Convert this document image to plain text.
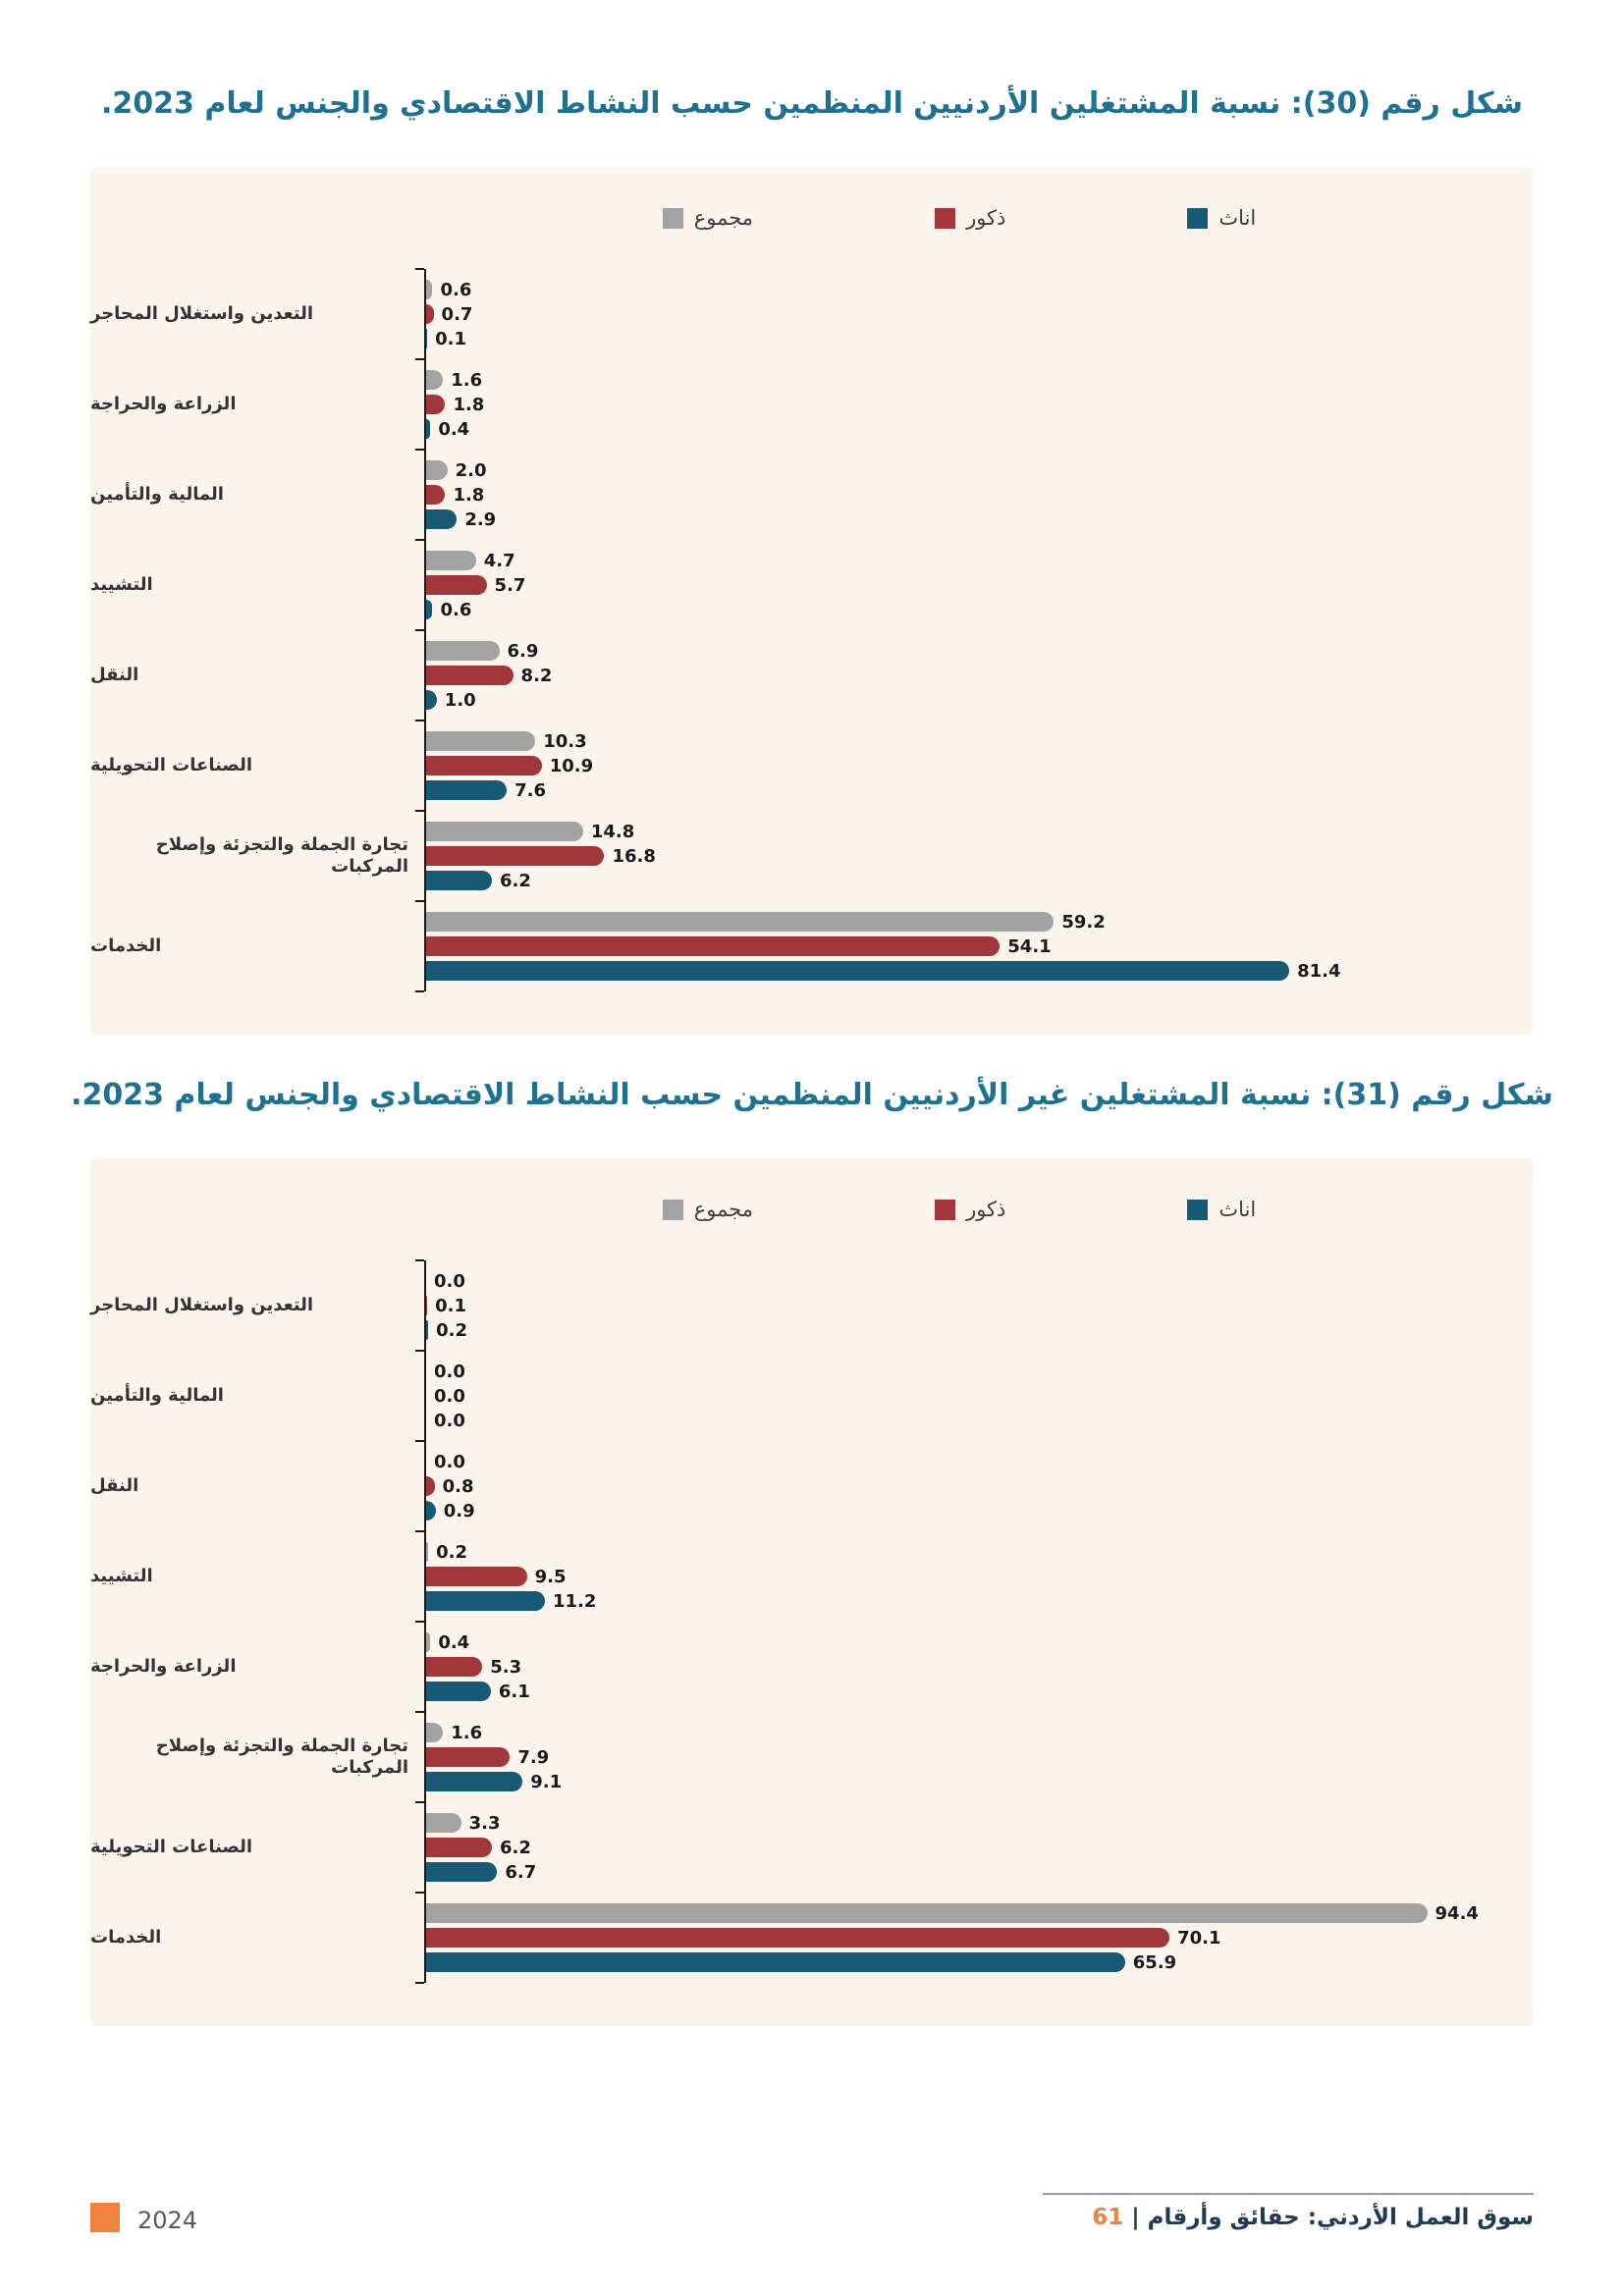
شكل رقم (30): نسبة المشتغلين الأردنيين المنظمين حسب النشاط الاقتصادي والجنس لعام 2023.
مجموع	ذكور	اناث
التعدين واستغلال المحاجر
0.6
0.7
0.1
الزراعة والحراجة
1.6
1.8
0.4
المالية والتأمين
2.0
1.8
2.9
التشييد
4.7
5.7
0.6
النقل
6.9
8.2
1.0
الصناعات التحويلية
10.3
10.9
7.6
تجارة الجملة والتجزئة وإصلاح المركبات
14.8
16.8
6.2
الخدمات
59.2
54.1
81.4
شكل رقم (31): نسبة المشتغلين غير الأردنيين المنظمين حسب النشاط الاقتصادي والجنس لعام 2023.
مجموع	ذكور	اناث
التعدين واستغلال المحاجر
0.0
0.1
0.2
المالية والتأمين
0.0
0.0
0.0
النقل
0.0
0.8
0.9
التشييد
0.2
9.5
11.2
الزراعة والحراجة
0.4
5.3
6.1
تجارة الجملة والتجزئة وإصلاح المركبات
1.6
7.9
9.1
الصناعات التحويلية
3.3
6.2
6.7
الخدمات
94.4
70.1
65.9
2024	سوق العمل الأردني: حقائق وأرقام|61
